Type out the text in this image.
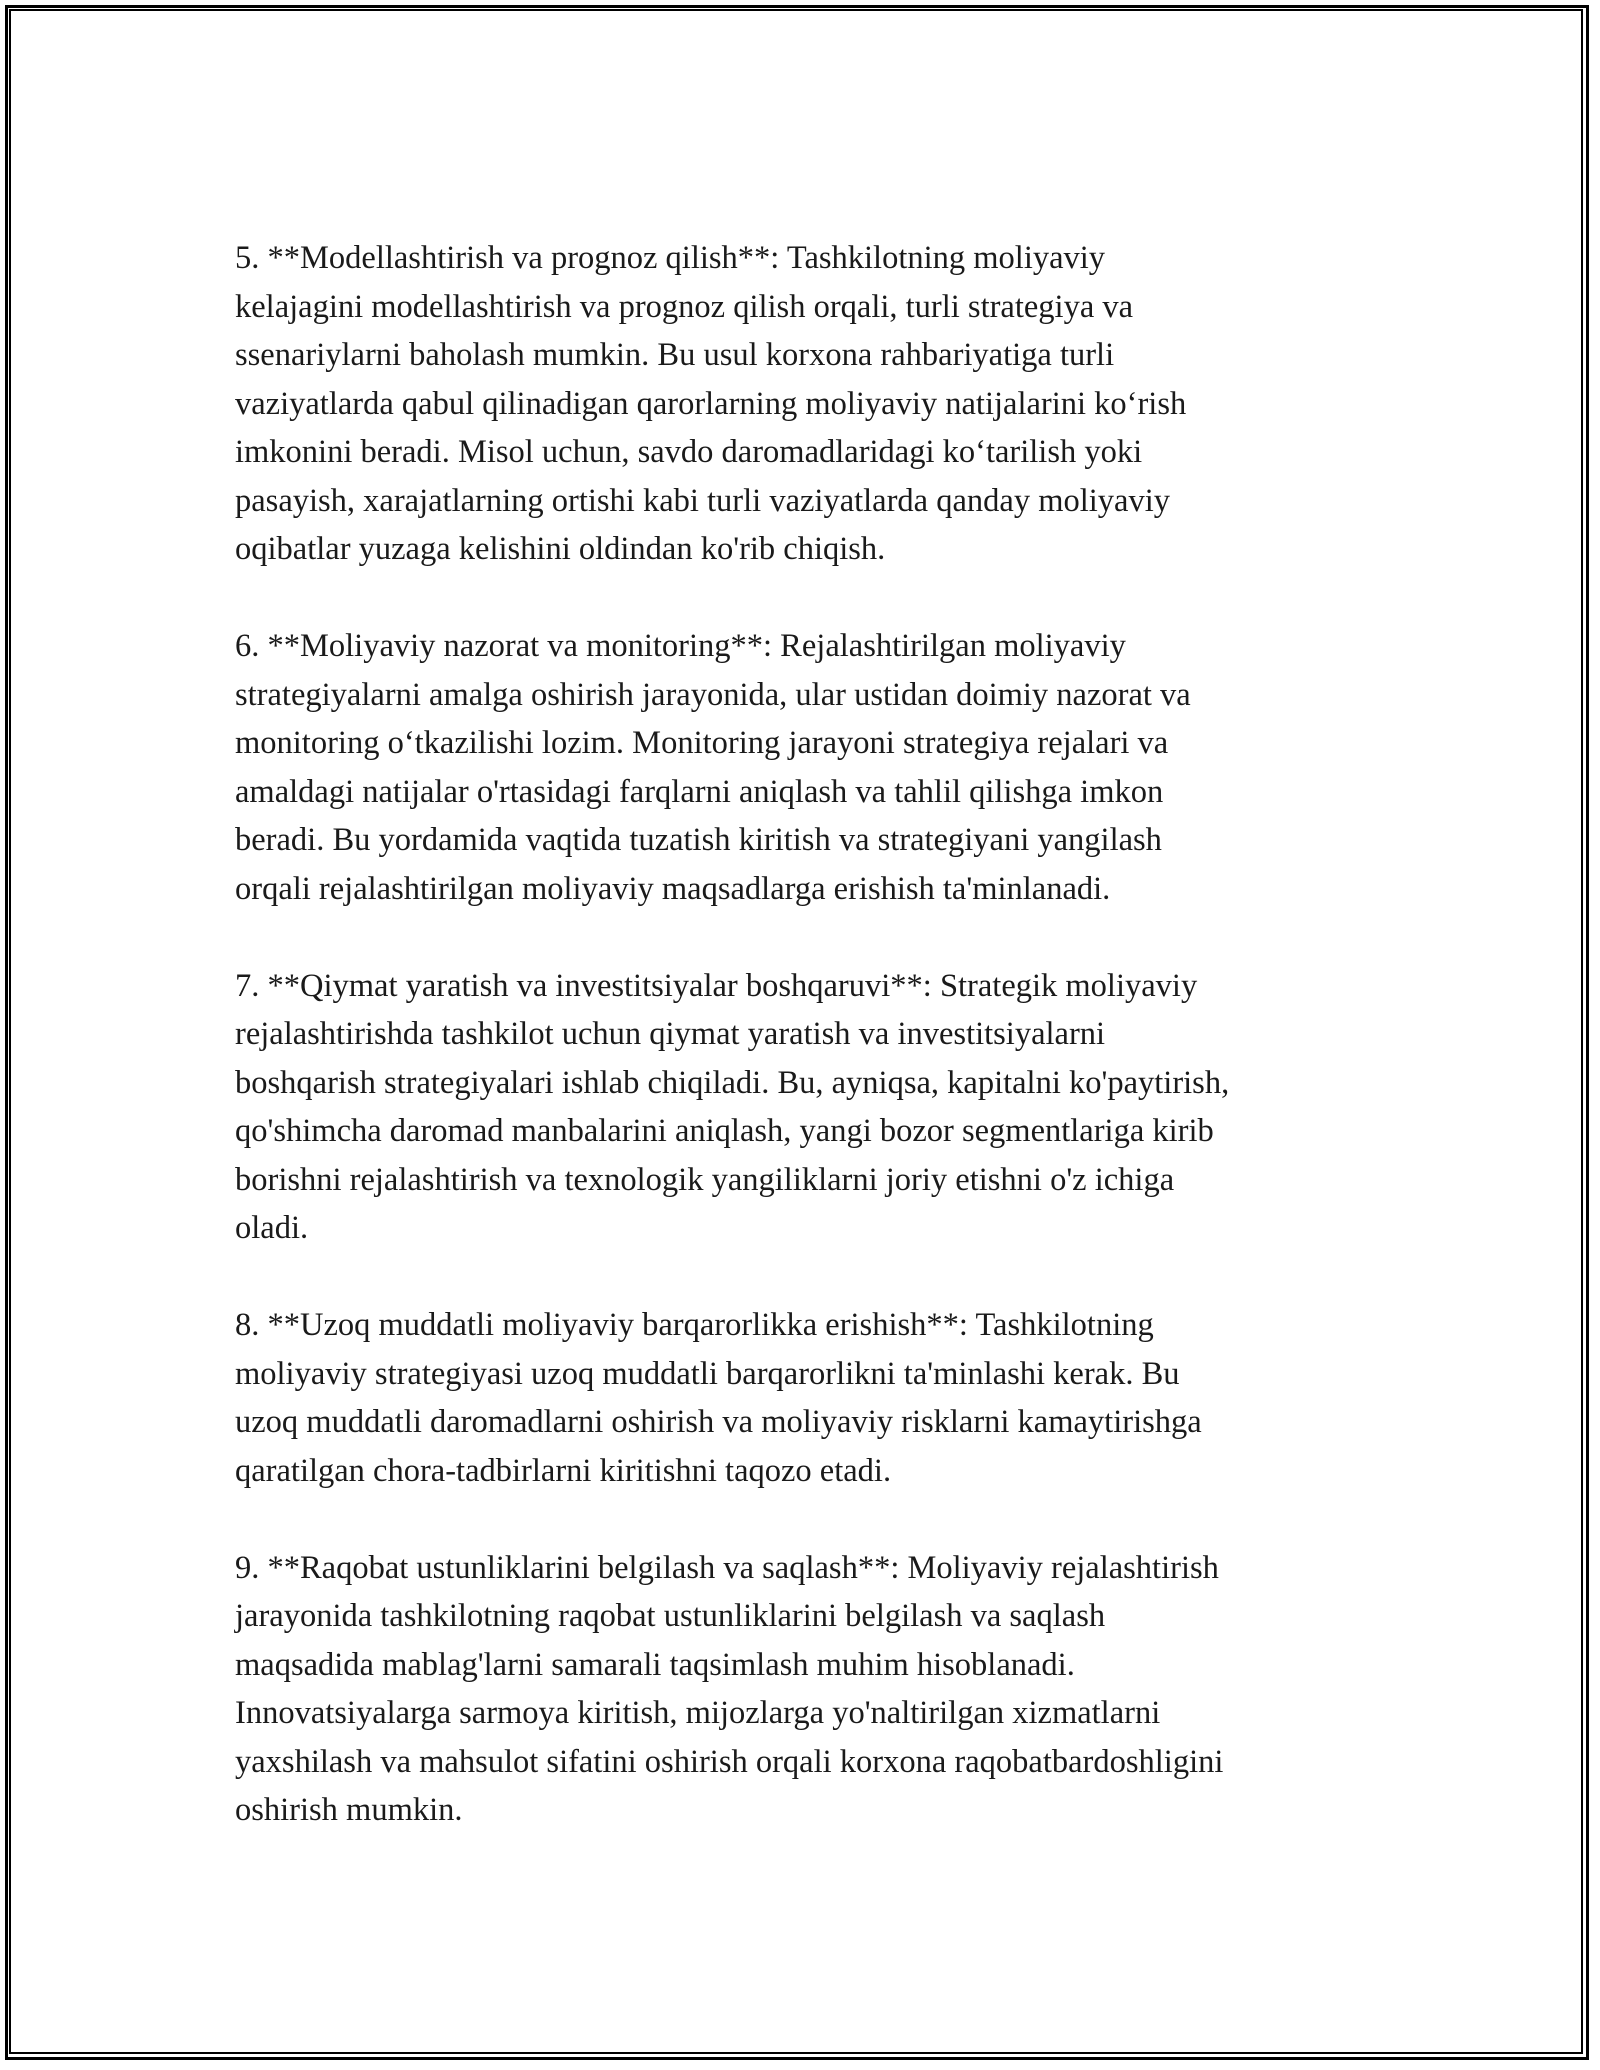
5. **Modellashtirish va prognoz qilish**: Tashkilotning moliyaviy
kelajagini modellashtirish va prognoz qilish orqali, turli strategiya va
ssenariylarni baholash mumkin. Bu usul korxona rahbariyatiga turli
vaziyatlarda qabul qilinadigan qarorlarning moliyaviy natijalarini koʻrish
imkonini beradi. Misol uchun, savdo daromadlaridagi koʻtarilish yoki
pasayish, xarajatlarning ortishi kabi turli vaziyatlarda qanday moliyaviy
oqibatlar yuzaga kelishini oldindan ko'rib chiqish.

6. **Moliyaviy nazorat va monitoring**: Rejalashtirilgan moliyaviy
strategiyalarni amalga oshirish jarayonida, ular ustidan doimiy nazorat va
monitoring oʻtkazilishi lozim. Monitoring jarayoni strategiya rejalari va
amaldagi natijalar o'rtasidagi farqlarni aniqlash va tahlil qilishga imkon
beradi. Bu yordamida vaqtida tuzatish kiritish va strategiyani yangilash
orqali rejalashtirilgan moliyaviy maqsadlarga erishish ta'minlanadi.

7. **Qiymat yaratish va investitsiyalar boshqaruvi**: Strategik moliyaviy
rejalashtirishda tashkilot uchun qiymat yaratish va investitsiyalarni
boshqarish strategiyalari ishlab chiqiladi. Bu, ayniqsa, kapitalni ko'paytirish,
qo'shimcha daromad manbalarini aniqlash, yangi bozor segmentlariga kirib
borishni rejalashtirish va texnologik yangiliklarni joriy etishni o'z ichiga
oladi.

8. **Uzoq muddatli moliyaviy barqarorlikka erishish**: Tashkilotning
moliyaviy strategiyasi uzoq muddatli barqarorlikni ta'minlashi kerak. Bu
uzoq muddatli daromadlarni oshirish va moliyaviy risklarni kamaytirishga
qaratilgan chora-tadbirlarni kiritishni taqozo etadi.

9. **Raqobat ustunliklarini belgilash va saqlash**: Moliyaviy rejalashtirish
jarayonida tashkilotning raqobat ustunliklarini belgilash va saqlash
maqsadida mablag'larni samarali taqsimlash muhim hisoblanadi.
Innovatsiyalarga sarmoya kiritish, mijozlarga yo'naltirilgan xizmatlarni
yaxshilash va mahsulot sifatini oshirish orqali korxona raqobatbardoshligini
oshirish mumkin.
